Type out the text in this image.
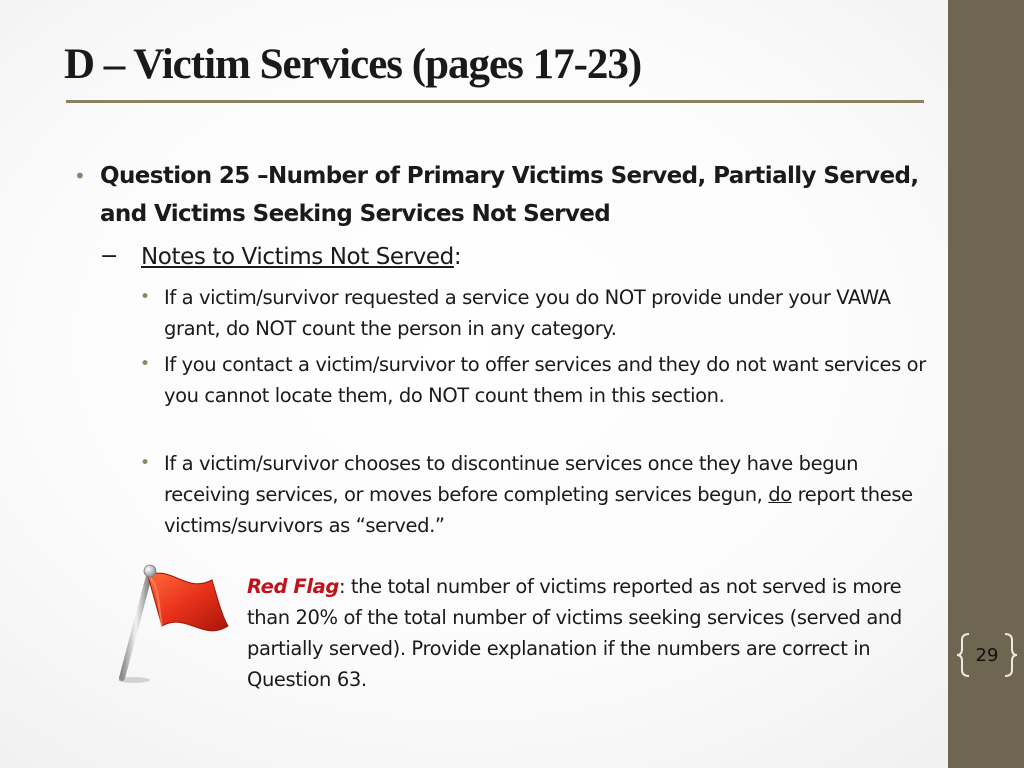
D – Victim Services (pages 17-23)
• Question 25 –Number of Primary Victims Served, Partially Served, and Victims Seeking Services Not Served
− Notes to Victims Not Served:
• If a victim/survivor requested a service you do NOT provide under your VAWA grant, do NOT count the person in any category.
• If you contact a victim/survivor to offer services and they do not want services or you cannot locate them, do NOT count them in this section.
• If a victim/survivor chooses to discontinue services once they have begun receiving services, or moves before completing services begun, do report these victims/survivors as “served.”
Red Flag: the total number of victims reported as not served is more than 20% of the total number of victims seeking services (served and partially served). Provide explanation if the numbers are correct in Question 63.
29
